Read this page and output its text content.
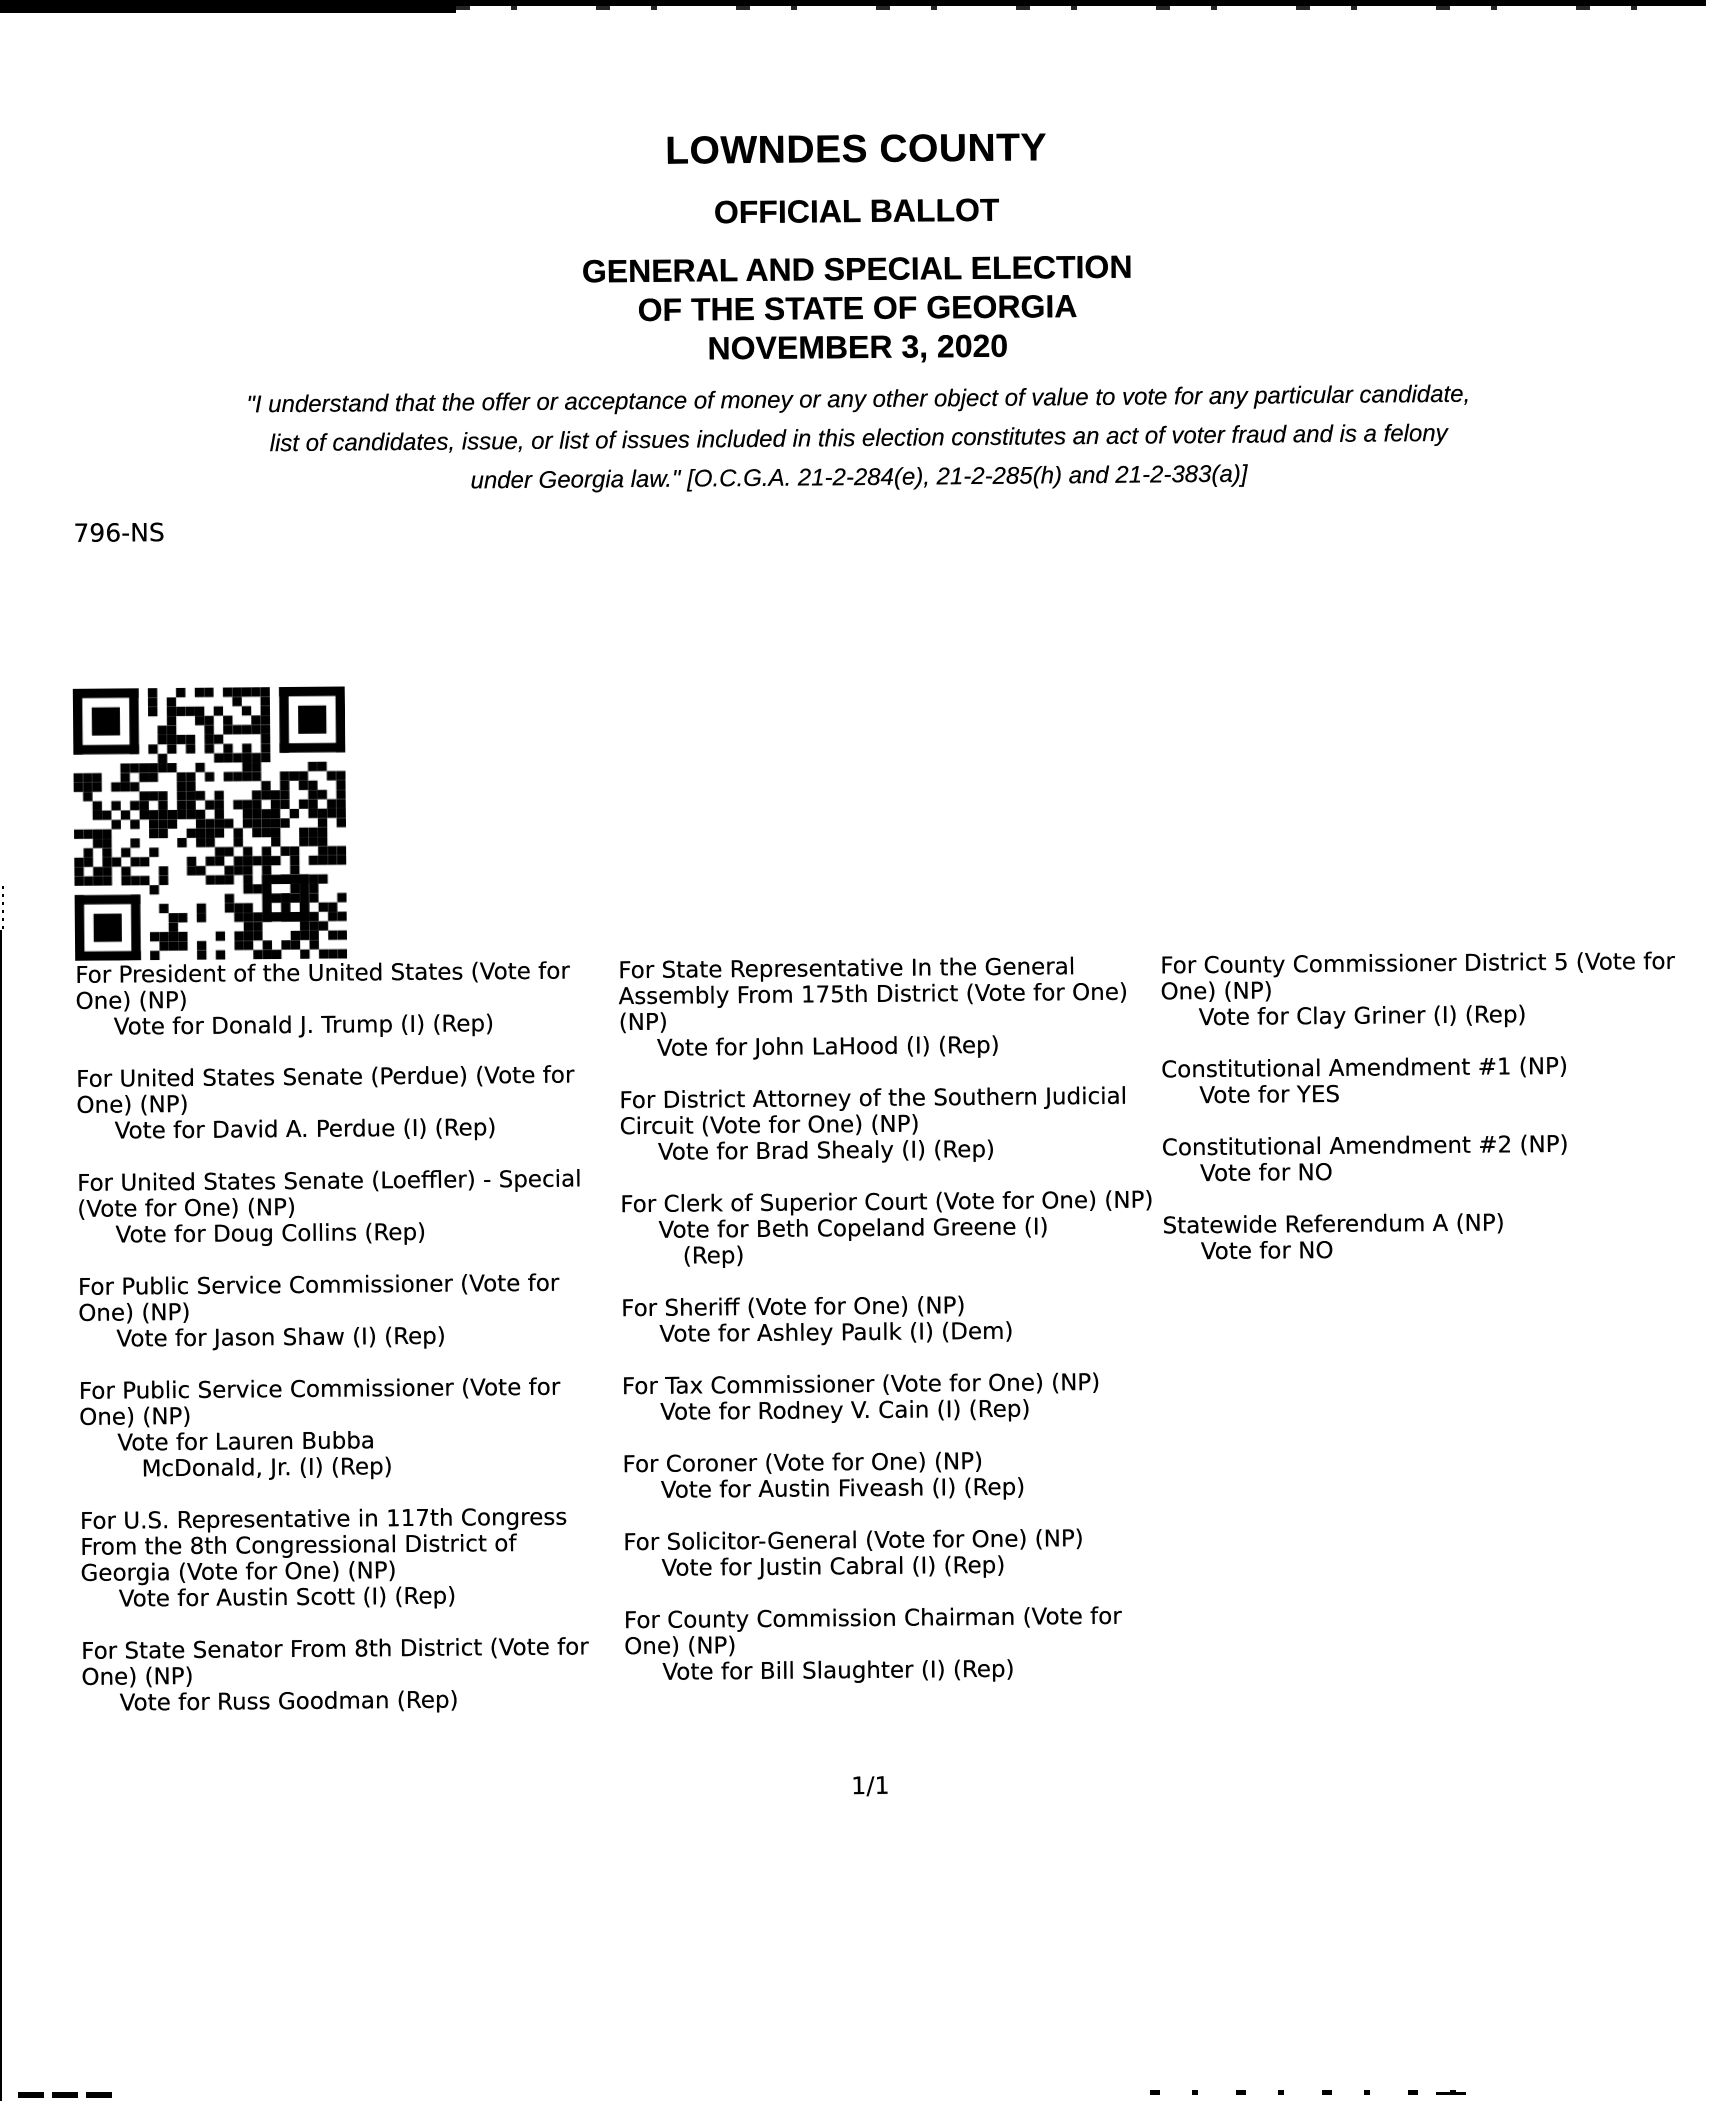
LOWNDES COUNTY
OFFICIAL BALLOT
GENERAL AND SPECIAL ELECTION
OF THE STATE OF GEORGIA
NOVEMBER 3, 2020
"I understand that the offer or acceptance of money or any other object of value to vote for any particular candidate,
list of candidates, issue, or list of issues included in this election constitutes an act of voter fraud and is a felony
under Georgia law." [O.C.G.A. 21-2-284(e), 21-2-285(h) and 21-2-383(a)]
796-NS
For President of the United States (Vote for One) (NP)
Vote for Donald J. Trump (I) (Rep)
For United States Senate (Perdue) (Vote for One) (NP)
Vote for David A. Perdue (I) (Rep)
For United States Senate (Loeffler) - Special (Vote for One) (NP)
Vote for Doug Collins (Rep)
For Public Service Commissioner (Vote for One) (NP)
Vote for Jason Shaw (I) (Rep)
For Public Service Commissioner (Vote for One) (NP)
Vote for Lauren Bubba
McDonald, Jr. (I) (Rep)
For U.S. Representative in 117th Congress From the 8th Congressional District of Georgia (Vote for One) (NP)
Vote for Austin Scott (I) (Rep)
For State Senator From 8th District (Vote for One) (NP)
Vote for Russ Goodman (Rep)
For State Representative In the General Assembly From 175th District (Vote for One) (NP)
Vote for John LaHood (I) (Rep)
For District Attorney of the Southern Judicial Circuit (Vote for One) (NP)
Vote for Brad Shealy (I) (Rep)
For Clerk of Superior Court (Vote for One) (NP)
Vote for Beth Copeland Greene (I)
(Rep)
For Sheriff (Vote for One) (NP)
Vote for Ashley Paulk (I) (Dem)
For Tax Commissioner (Vote for One) (NP)
Vote for Rodney V. Cain (I) (Rep)
For Coroner (Vote for One) (NP)
Vote for Austin Fiveash (I) (Rep)
For Solicitor-General (Vote for One) (NP)
Vote for Justin Cabral (I) (Rep)
For County Commission Chairman (Vote for One) (NP)
Vote for Bill Slaughter (I) (Rep)
For County Commissioner District 5 (Vote for One) (NP)
Vote for Clay Griner (I) (Rep)
Constitutional Amendment #1 (NP)
Vote for YES
Constitutional Amendment #2 (NP)
Vote for NO
Statewide Referendum A (NP)
Vote for NO
1/1
